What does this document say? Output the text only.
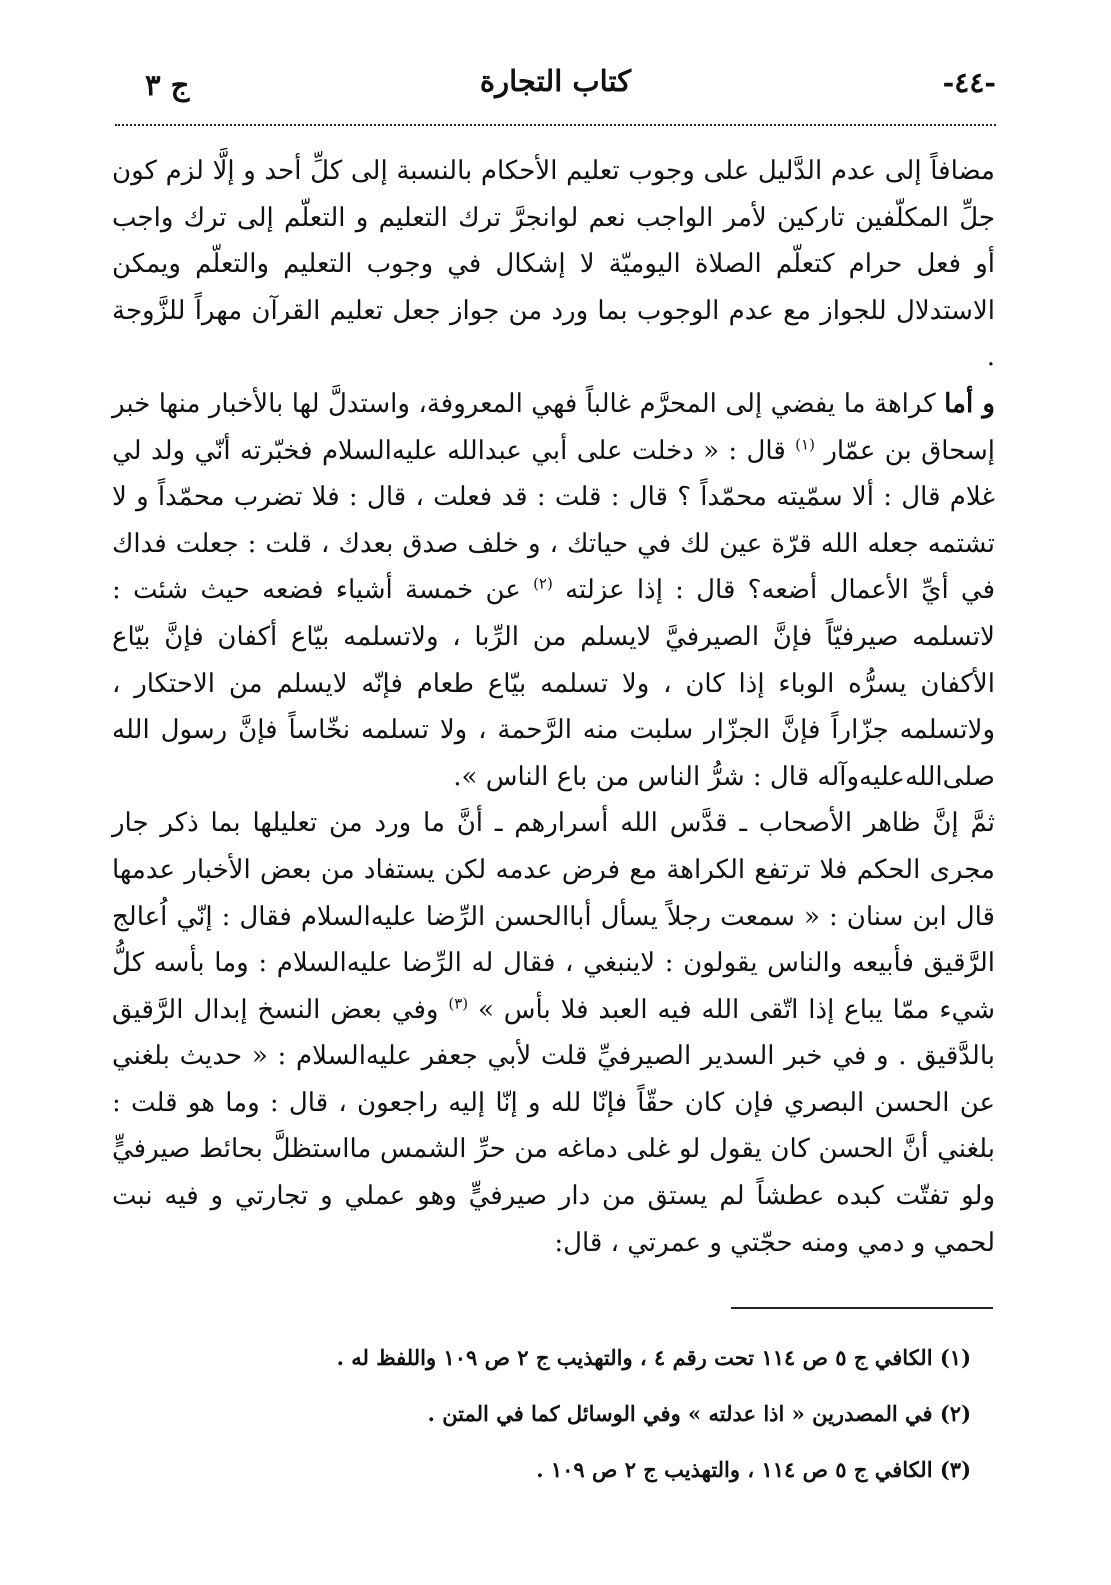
-٤٤-
كتاب التجارة
ج ٣

مضافاً إلى عدم الدَّليل على وجوب تعليم الأحكام بالنسبة إلى كلِّ أحد و إلَّا لزم كون جلِّ المكلّفين تاركين لأمر الواجب نعم لوانجرَّ ترك التعليم و التعلّم إلى ترك واجب أو فعل حرام كتعلّم الصلاة اليوميّة لا إشكال في وجوب التعليم والتعلّم ويمكن الاستدلال للجواز مع عدم الوجوب بما ورد من جواز جعل تعليم القرآن مهراً للزَّوجة .

و أما كراهة ما يفضي إلى المحرَّم غالباً فهي المعروفة، واستدلَّ لها بالأخبار منها خبر إسحاق بن عمّار $^{(١)}$ قال : « دخلت على أبي عبدالله عليه‌السلام فخبّرته أنّي ولد لي غلام قال : ألا سمّيته محمّداً ؟ قال : قلت : قد فعلت ، قال : فلا تضرب محمّداً و لا تشتمه جعله الله قرّة عين لك في حياتك ، و خلف صدق بعدك ، قلت : جعلت فداك في أيِّ الأعمال أضعه؟ قال : إذا عزلته $^{(٢)}$ عن خمسة أشياء فضعه حيث شئت : لاتسلمه صيرفيّاً فإنَّ الصيرفيَّ لايسلم من الرِّبا ، ولاتسلمه بيّاع أكفان فإنَّ بيّاع الأكفان يسرُّه الوباء إذا كان ، ولا تسلمه بيّاع طعام فإنّه لايسلم من الاحتكار ، ولاتسلمه جزّاراً فإنَّ الجزّار سلبت منه الرَّحمة ، ولا تسلمه نخّاساً فإنَّ رسول الله صلى‌الله‌عليه‌وآله قال : شرُّ الناس من باع الناس ».

ثمَّ إنَّ ظاهر الأصحاب ـ قدَّس الله أسرارهم ـ أنَّ ما ورد من تعليلها بما ذكر جار مجرى الحكم فلا ترتفع الكراهة مع فرض عدمه لكن يستفاد من بعض الأخبار عدمها قال ابن سنان : « سمعت رجلاً يسأل أباالحسن الرِّضا عليه‌السلام فقال : إنّي اُعالج الرَّقيق فأبيعه والناس يقولون : لاينبغي ، فقال له الرِّضا عليه‌السلام : وما بأسه كلُّ شيء ممّا يباع إذا اتّقى الله فيه العبد فلا بأس » $^{(٣)}$ وفي بعض النسخ إبدال الرَّقيق بالدَّقيق . و في خبر السدير الصيرفيِّ قلت لأبي جعفر عليه‌السلام : « حديث بلغني عن الحسن البصري فإن كان حقّاً فإنّا لله و إنّا إليه راجعون ، قال : وما هو قلت : بلغني أنَّ الحسن كان يقول لو غلى دماغه من حرِّ الشمس مااستظلَّ بحائط صيرفيٍّ ولو تفتّت كبده عطشاً لم يستق من دار صيرفيٍّ وهو عملي و تجارتي و فيه نبت لحمي و دمي ومنه حجّتي و عمرتي ، قال:

(١) الكافي ج ٥ ص ١١٤ تحت رقم ٤ ، والتهذيب ج ٢ ص ١٠٩ واللفظ له .
(٢) في المصدرين « اذا عدلته » وفي الوسائل كما في المتن .
(٣) الكافي ج ٥ ص ١١٤ ، والتهذيب ج ٢ ص ١٠٩ .
